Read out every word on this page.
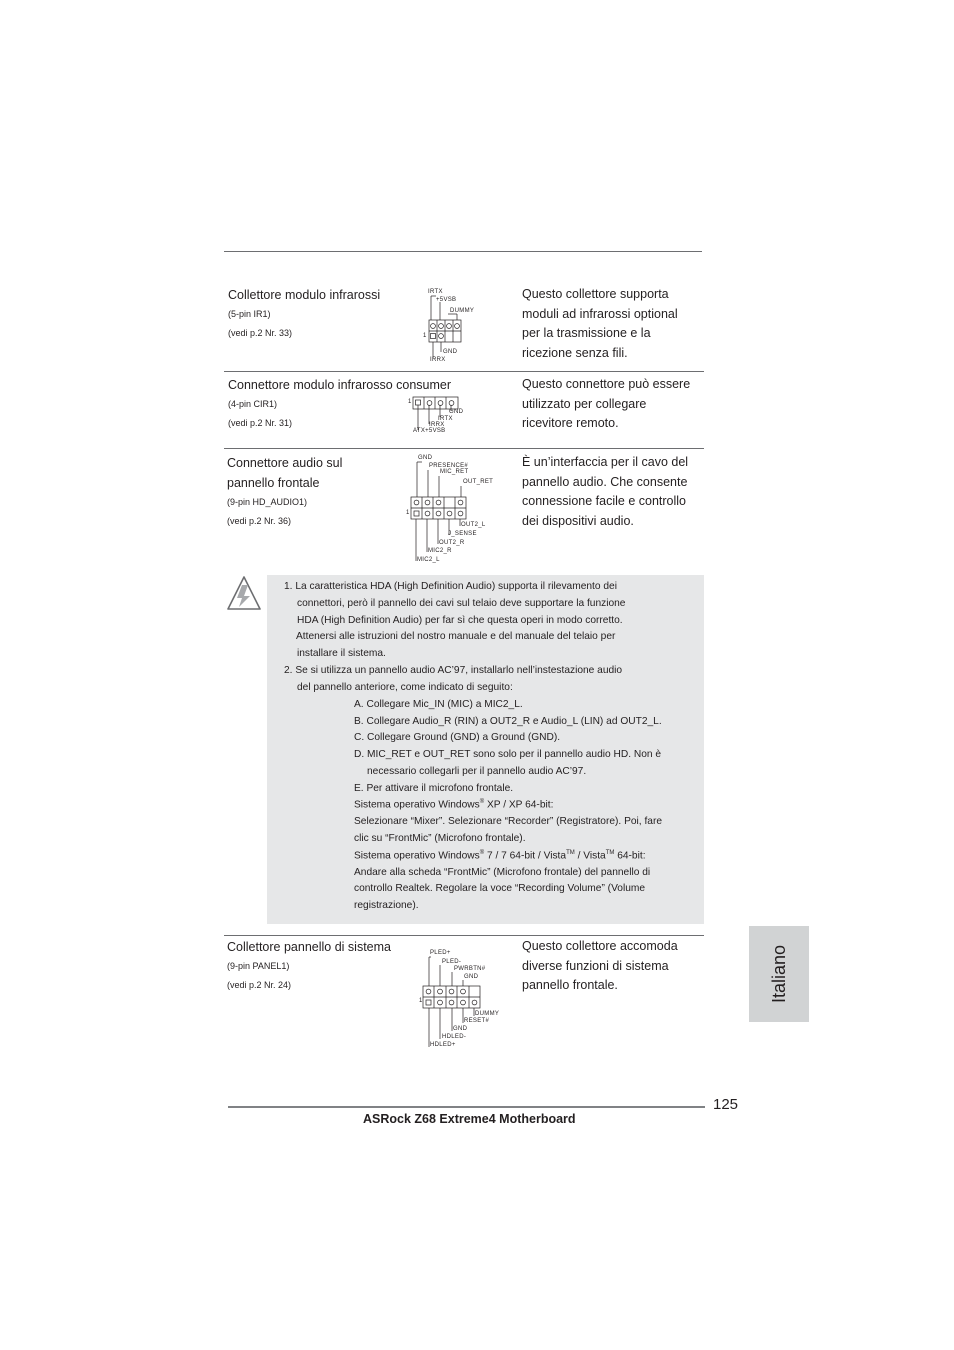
Collettore modulo infrarossi
(5-pin IR1)
(vedi p.2 Nr. 33)
Questo collettore supporta
moduli ad infrarossi optional
per la trasmissione e la
ricezione senza fili.
IRTX
+5VSB
DUMMY
1
GND
IRRX
Connettore modulo infrarosso consumer
(4-pin CIR1)
(vedi p.2 Nr. 31)
Questo connettore può essere
utilizzato per collegare
ricevitore remoto.
1
GND
IRTX
IRRX
ATX+5VSB
Connettore audio sul
pannello frontale
(9-pin HD_AUDIO1)
(vedi p.2 Nr. 36)
È un’interfaccia per il cavo del
pannello audio. Che consente
connessione facile e controllo
dei dispositivi audio.
GND
PRESENCE#
MIC_RET
OUT_RET
1
OUT2_L
J_SENSE
OUT2_R
MIC2_R
MIC2_L
1. La caratteristica HDA (High Definition Audio) supporta il rilevamento dei
connettori, però il pannello dei cavi sul telaio deve supportare la funzione
HDA (High Definition Audio) per far sì che questa operi in modo corretto.
Attenersi alle istruzioni del nostro manuale e del manuale del telaio per
installare il sistema.
2. Se si utilizza un pannello audio AC’97, installarlo nell’instestazione audio
del pannello anteriore, come indicato di seguito:
A. Collegare Mic_IN (MIC) a MIC2_L.
B. Collegare Audio_R (RIN) a OUT2_R e Audio_L (LIN) ad OUT2_L.
C. Collegare Ground (GND) a Ground (GND).
D. MIC_RET e OUT_RET sono solo per il pannello audio HD. Non è
necessario collegarli per il pannello audio AC’97.
E. Per attivare il microfono frontale.
Sistema operativo Windows® XP / XP 64-bit:
Selezionare “Mixer”. Selezionare “Recorder” (Registratore). Poi, fare
clic su “FrontMic” (Microfono frontale).
Sistema operativo Windows® 7 / 7 64-bit / Vista™ / Vista™ 64-bit:
Andare alla scheda “FrontMic” (Microfono frontale) del pannello di
controllo Realtek. Regolare la voce “Recording Volume” (Volume
registrazione).
Collettore pannello di sistema
(9-pin PANEL1)
(vedi p.2 Nr. 24)
Questo collettore accomoda
diverse funzioni di sistema
pannello frontale.
PLED+
PLED-
PWRBTN#
GND
1
DUMMY
RESET#
GND
HDLED-
HDLED+
Italiano
125
ASRock Z68 Extreme4 Motherboard
